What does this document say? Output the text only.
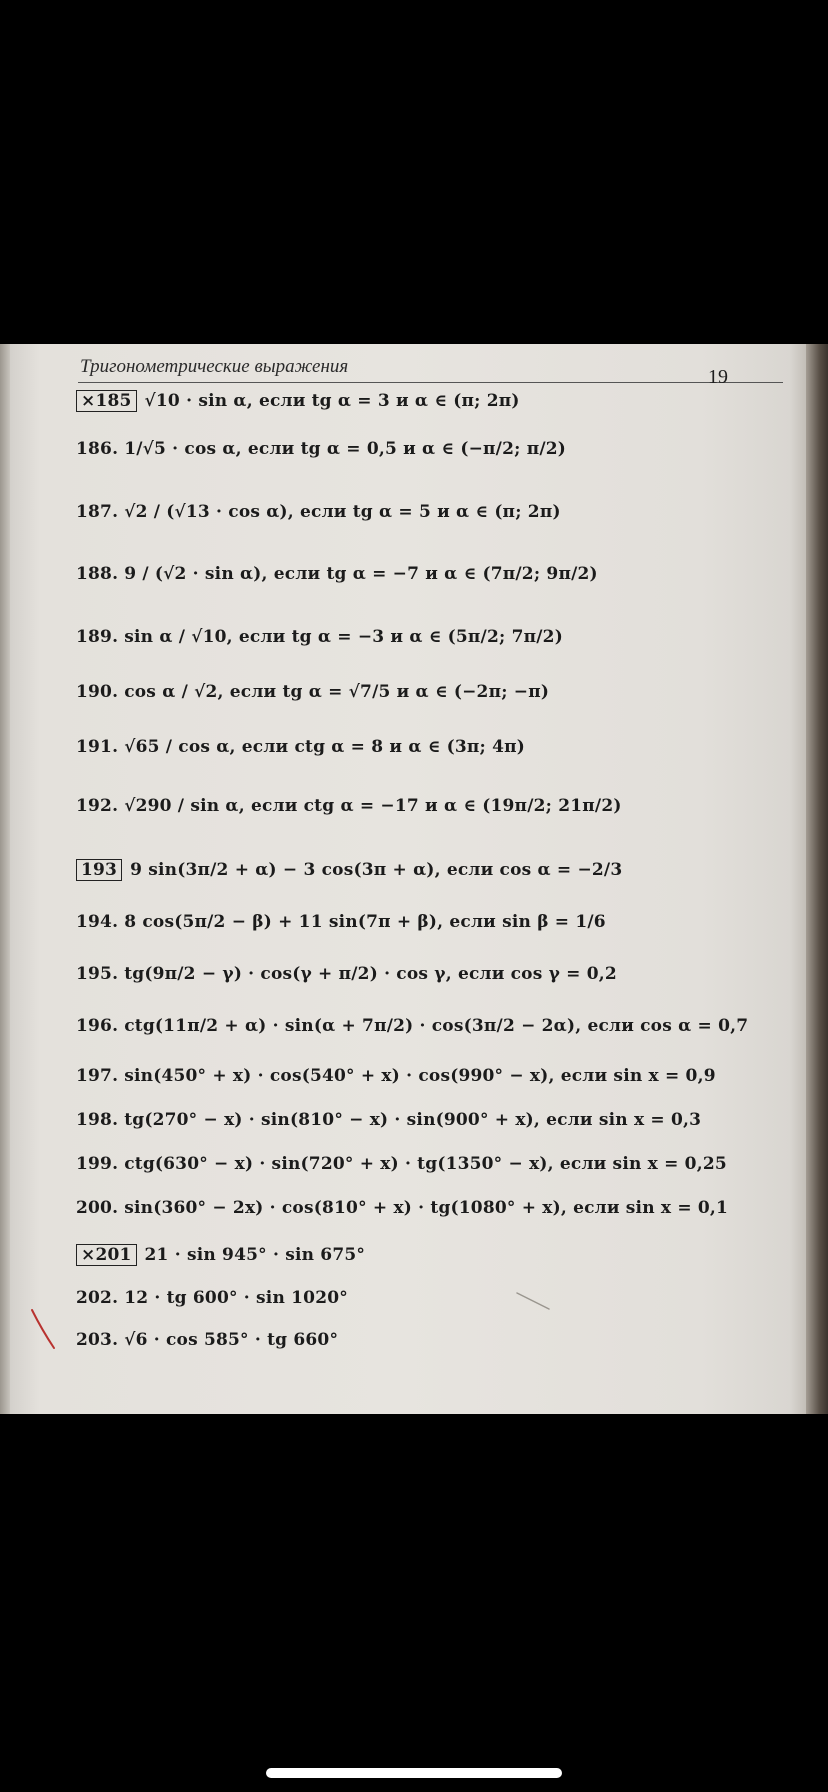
Тригонометрические выражения	19
×185 √10 · sin α, если tg α = 3 и α ∈ (π; 2π)
186. 1/√5 · cos α, если tg α = 0,5 и α ∈ (−π/2; π/2)
187. √2 / (√13 · cos α), если tg α = 5 и α ∈ (π; 2π)
188. 9 / (√2 · sin α), если tg α = −7 и α ∈ (7π/2; 9π/2)
189. sin α / √10, если tg α = −3 и α ∈ (5π/2; 7π/2)
190. cos α / √2, если tg α = √7/5 и α ∈ (−2π; −π)
191. √65 / cos α, если ctg α = 8 и α ∈ (3π; 4π)
192. √290 / sin α, если ctg α = −17 и α ∈ (19π/2; 21π/2)
193 9 sin(3π/2 + α) − 3 cos(3π + α), если cos α = −2/3
194. 8 cos(5π/2 − β) + 11 sin(7π + β), если sin β = 1/6
195. tg(9π/2 − γ) · cos(γ + π/2) · cos γ, если cos γ = 0,2
196. ctg(11π/2 + α) · sin(α + 7π/2) · cos(3π/2 − 2α), если cos α = 0,7
197. sin(450° + x) · cos(540° + x) · cos(990° − x), если sin x = 0,9
198. tg(270° − x) · sin(810° − x) · sin(900° + x), если sin x = 0,3
199. ctg(630° − x) · sin(720° + x) · tg(1350° − x), если sin x = 0,25
200. sin(360° − 2x) · cos(810° + x) · tg(1080° + x), если sin x = 0,1
×201 21 · sin 945° · sin 675°
202. 12 · tg 600° · sin 1020°
203. √6 · cos 585° · tg 660°
